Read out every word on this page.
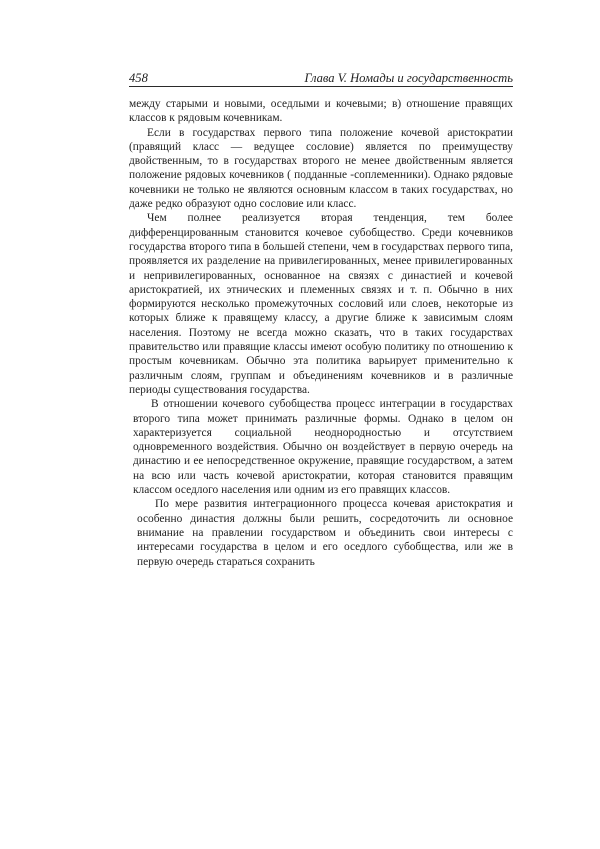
458	Глава V. Номады и государственность

между старыми и новыми, оседлыми и кочевыми; в) отношение правящих классов к рядовым кочевникам.

Если в государствах первого типа положение кочевой аристократии (правящий класс — ведущее сословие) является по преимуществу двойственным, то в государствах второго не менее двойственным является положение рядовых кочевников ( подданные -соплеменники). Однако рядовые кочевники не только не являются основным классом в таких государствах, но даже редко образуют одно сословие или класс.

Чем полнее реализуется вторая тенденция, тем более дифференцированным становится кочевое субобщество. Среди кочевников государства второго типа в большей степени, чем в государствах первого типа, проявляется их разделение на привилегированных, менее привилегированных и непривилегированных, основанное на связях с династией и кочевой аристократией, их этнических и племенных связях и т. п. Обычно в них формируются несколько промежуточных сословий или слоев, некоторые из которых ближе к правящему классу, а другие ближе к зависимым слоям населения. Поэтому не всегда можно сказать, что в таких государствах правительство или правящие классы имеют особую политику по отношению к простым кочевникам. Обычно эта политика варьирует применительно к различным слоям, группам и объединениям кочевников и в различные периоды существования государства.

В отношении кочевого субобщества процесс интеграции в государствах второго типа может принимать различные формы. Однако в целом он характеризуется социальной неоднородностью и отсутствием одновременного воздействия. Обычно он воздействует в первую очередь на династию и ее непосредственное окружение, правящие государством, а затем на всю или часть кочевой аристократии, которая становится правящим классом оседлого населения или одним из его правящих классов.

По мере развития интеграционного процесса кочевая аристократия и особенно династия должны были решить, сосредоточить ли основное внимание на правлении государством и объединить свои интересы с интересами государства в целом и его оседлого субобщества, или же в первую очередь стараться сохранить
